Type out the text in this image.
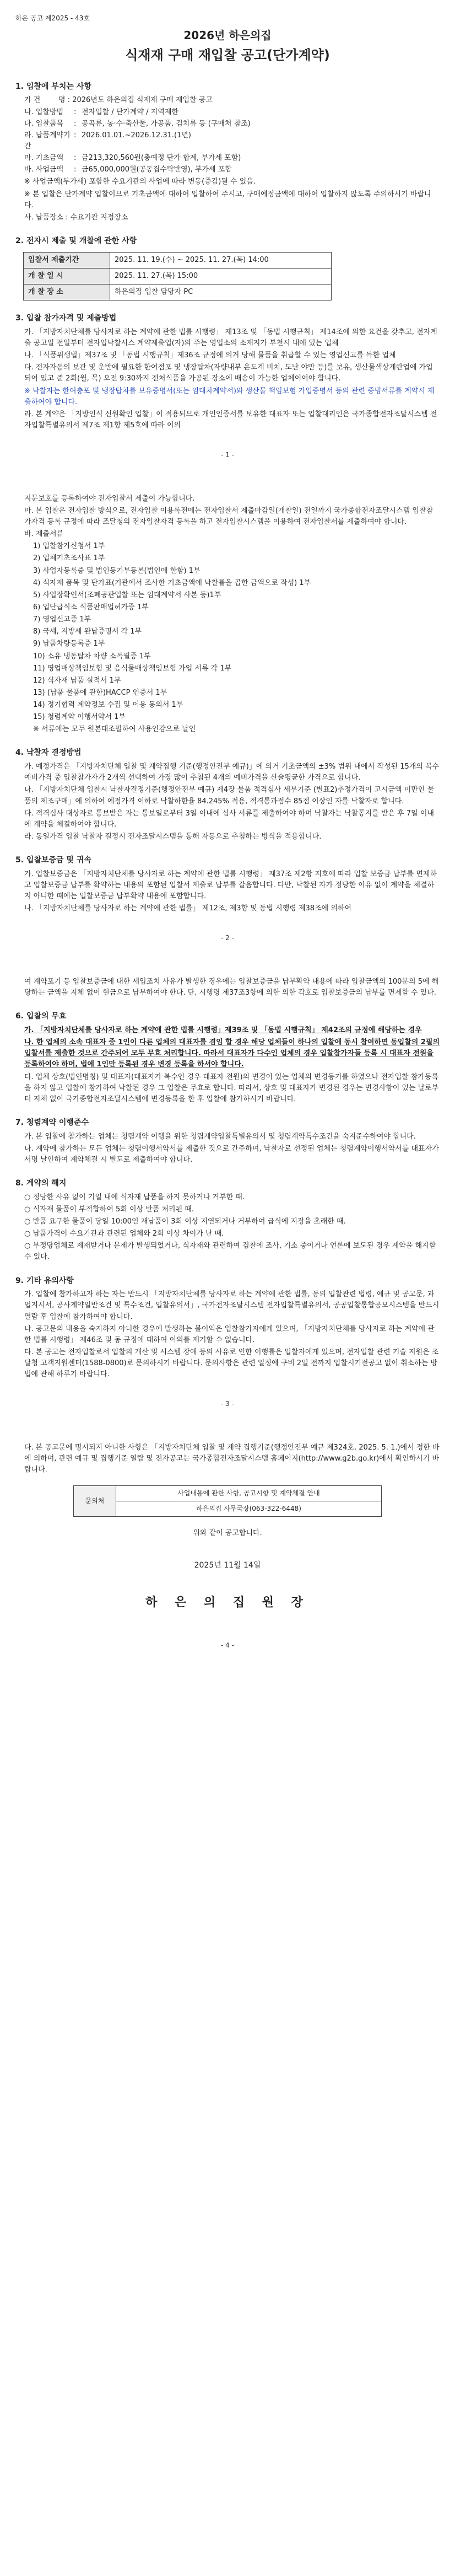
하은 공고 제2025 - 43호
2026년 하은의집
식재재 구매 재입찰 공고(단가계약)
1. 입찰에 부치는 사항
가 건	명 : 2026년도 하은의집 식재재 구매 재입찰 공고
나. 입찰방법	: 전자입찰 / 단가계약 / 지역제한
다. 입찰품목	: 공곡류, 농·수·축산물, 가공품, 김치류 등 (구매처 참조)
라. 납품계약기간
: 2026.01.01.~2026.12.31.(1년)
마. 기초금액	: 금213,320,560원(총예정 단가 합계, 부가세 포함)
바. 사업금액	: 금65,000,000원(공동집수탁반영), 부가세 포함
※ 사업금액(부가세) 포함한 수요기관의 사업에 따라 변동(증감)될 수 있음.
※ 본 입찰은 단가계약 입찰이므로 기초금액에 대하여 입찰하여 주시고, 구매예정금액에 대하여 입찰하지 않도록 주의하시기 바랍니다.
사. 납품장소 : 수요기관 지정장소
2. 전자시 제출 및 개찰에 관한 사항
입찰서 제출기간	2025. 11. 19.(수) ~ 2025. 11. 27.(목) 14:00
개 찰 일 시	2025. 11. 27.(목) 15:00
개 찰 장 소	하은의집 입찰 담당자 PC
3. 입찰 참가자격 및 제출방법
가. 「지방자치단체를 당사자로 하는 계약에 관한 법률 시행령」 제13조 및 「동법 시행규칙」 제14조에 의한 요건을 갖추고, 전자계출 공고일 전일부터 전자입낙찰시스 계약제출업(자)의 주는 영업소의 소재지가 부천시 내에 있는 업체
나. 「식품위생법」제37조 및 「동법 시행규칙」제36조 규정에 의거 당해 물품을 취급할 수 있는 영업신고를 득한 업체
다. 전자자동의 보관 및 운반에 필요한 한여점포 및 냉장탑차(자량내부 온도계 비치, 도난 야만 등)를 보유, 생산물색상계란업에 가입되어 있고 준 2회(월, 목) 오전 9:30까지 전처식품을 가공된 장소에 배송이 가능한 업체이어야 합니다.
※ 낙찰자는 한여충포 및 냉장탑차를 보유증명서(또는 임대차계약서)와 생산물 책임보험 가입증명서 등의 관련 증빙서류를 계약시 제출하여야 합니다.
라. 본 계약은 「지방인식 신원확인 입찰」이 적용되므로 개인인증서를 보유한 대표자 또는 입찰대리인은 국가종합전자조달시스템 전자입찰특별유의서 제7조 제1항 제5호에 따라 이의
- 1 -
지문보호를 등록하여야 전자입찰서 제출이 가능합니다.
마. 본 입찰은 전자입찰 방식으로, 전자입찰 이용록전에는 전자입찰서 제출마감일(개찰일) 전일까지 국가종합전자조달시스템 입찰참가자격 등록 규정에 따라 조달청의 전자입찰자격 등록을 하고 전자입찰시스템을 이용하여 전자입찰서를 제출하여야 합니다.
바. 제출서류
1) 입찰참가신청서 1부
2) 업체기초조사표 1부
3) 사업자등록증 및 법인등기부등본(법인에 한함) 1부
4) 식자재 품목 및 단가표(기관에서 조사한 기초금액에 낙찰률을 곱한 금액으로 작성) 1부
5) 사업장확인서(조폐공판입찰 또는 임대계약서 사본 등)1부
6) 업단급식소 식품판매업허가증 1부
7) 영업신고증 1부
8) 국세, 지방세 완납증명서 각 1부
9) 납품차량등록증 1부
10) 소유 냉동탑차 차량 소독필증 1부
11) 영업배상책임보험 및 음식물배상책임보험 가입 서류 각 1부
12) 식자재 납품 실적서 1부
13) (납품 물품에 관한)HACCP 인증서 1부
14) 정기협력 계약정보 수집 및 이용 동의서 1부
15) 청렴계약 이행서약서 1부
※ 서류에는 모두 원본대조필하여 사용인감으로 날인
4. 낙찰자 결정방법
가. 예정가격은 「지방자치단체 입찰 및 계약집행 기준(행정안전부 예규)」에 의거 기초금액의 ±3% 범위 내에서 작성된 15개의 복수예비가격 중 입찰참가자가 2개씩 선택하여 가장 많이 추첨된 4개의 예비가격을 산술평균한 가격으로 합니다.
나. 「지방자치단체 입찰시 낙찰자결정기준(행정안전부 예규) 제4장 물품 적격심사 세부기준 (별표2)추정가격이 고시금액 미만인 물품의 제조구매」에 의하여 예정가격 이하로 낙찰하한율 84.245% 적용, 적격통과점수 85점 이상인 자를 낙찰자로 합니다.
다. 적격심사 대상자로 통보받은 자는 통보일로부터 3일 이내에 심사 서류를 제출하여야 하며 낙찰자는 낙찰통지를 받은 후 7일 이내에 계약을 체결하여야 합니다.
라. 동일가격 입찰 낙찰자 결정시 전자조달시스템을 통해 자동으로 추첨하는 방식을 적용합니다.
5. 입찰보증금 및 귀속
가. 입찰보증금은 「지방자치단체를 당사자로 하는 계약에 관한 법률 시행령」 제37조 제2항 지호에 따라 입찰 보증금 납부를 면제하고 입찰보증금 납부를 확약하는 내용의 포함된 입찰서 제출로 납부를 갈음합니다. 다만, 낙찰된 자가 정당한 이유 없이 계약을 체결하지 아니한 때에는 입찰보증금 납부확약 내용에 포함합니다.
나. 「지방자치단체를 당사자로 하는 계약에 관한 법률」 제12조, 제3항 및 동법 시행령 제38조에 의하여
- 2 -
여 계약포기 등 입찰보증금에 대한 세입조치 사유가 발생한 경우에는 입찰보증금을 납부확약 내용에 따라 입찰금액의 100분의 5에 해당하는 금액을 지체 없이 현금으로 납부하여야 한다. 단, 시행령 제37조3항에 의한 의한 각호로 입찰보증금의 납부를 면제할 수 있다.
6. 입찰의 무효
가. 「지방자치단체를 당사자로 하는 계약에 관한 법률 시행령」제39조 및 「동법 시행규칙」 제42조의 규정에 해당하는 경우
나. 한 업체의 소속 대표자 중 1인이 다른 업체의 대표자를 겸임 할 경우 해당 업체들이 하나의 입찰에 동시 참여하면 동입찰의 2필의 입찰서를 제출한 것으로 간주되어 모두 무효 처리합니다. 따라서 대표자가 다수인 업체의 경우 입찰참가자들 등록 시 대표자 전원을 등록하여야 하며, 법에 1인만 등록된 경우 변경 등록을 하셔야 합니다.
다. 업체 상호(법인명칭) 및 대표자(대표자가 복수인 경우 대표자 전원)의 변경이 있는 업체의 변경등기를 하였으나 전자입찰 참가등록을 하지 않고 입찰에 참가하여 낙찰된 경우 그 입찰은 무효로 합니다. 따라서, 상호 및 대표자가 변경된 경우는 변경사항이 있는 날로부터 지체 없이 국가종합전자조달시스템에 변경등록을 한 후 입찰에 참가하시기 바랍니다.
7. 청렴계약 이행준수
가. 본 입찰에 참가하는 업체는 청렴계약 이행을 위한 청렴계약입찰특별유의서 및 청렴계약특수조건을 숙지준수하여야 합니다.
나. 계약에 참가하는 모든 업체는 청렴이행서약서를 제출한 것으로 간주하며, 낙찰자로 선정된 업체는 청렴계약이행서약서를 대표자가 서명 날인하여 계약체결 시 별도로 제출하여야 합니다.
8. 계약의 해지
○ 정당한 사유 없이 기일 내에 식자재 납품을 하지 못하거나 거부한 때.
○ 식자재 물품이 부적합하여 5회 이상 반품 처리된 때.
○ 반품 요구한 물품이 당일 10:00인 재납품이 3회 이상 지연되거나 거부하여 급식에 지장을 초래한 때.
○ 납품가격이 수요기관과 관련된 업체와 2회 이상 차이가 난 때.
○ 부정당업체로 제재받거나 문제가 발생되었거나, 식자재와 관련하여 검찰에 조사, 기소 중이거나 언론에 보도된 경우 계약을 해지할 수 있다.
9. 기타 유의사항
가. 입찰에 참가하고자 하는 자는 반드시 「지방자치단체를 당사자로 하는 계약에 관한 법률, 동의 입찰관련 법령, 예규 및 공고문, 과업지시서, 공사계약일반조건 및 특수조건, 입찰유의서」, 국가전자조달시스템 전자입찰특별유의서, 공공입찰통합공모시스템을 반드시 열람 후 입찰에 참가하여야 합니다.
나. 공고문의 내용을 숙지하지 아니한 경우에 발생하는 불이익은 입찰참가자에게 있으며, 「지방자치단체를 당사자로 하는 계약에 관한 법률 시행령」 제46조 및 동 규정에 대하여 이의를 제기할 수 없습니다.
다. 본 공고는 전자입찰로서 입찰의 개산 및 시스템 장애 등의 사유로 인한 이행률은 입찰자에게 있으며, 전자입찰 관련 기술 지원은 조달청 고객지원센터(1588-0800)로 문의하시기 바랍니다. 문의사항은 관련 일정에 구비 2일 전까지 입찰시기전공고 없이 취소하는 방법에 관해 하루기 바랍니다.
- 3 -
다. 본 공고문에 명시되지 아니한 사항은 「지방자치단체 입찰 및 계약 집행기준(행정안전부 예규 제324호, 2025. 5. 1.)에서 정한 바에 의하며, 관련 예규 및 집행기준 열람 및 전자공고는 국가종합전자조달시스템 홈페이지(http://www.g2b.go.kr)에서 확인하시기 바랍니다.
문의처	사업내용에 관한 사항, 공고시항 및 계약체결 안내
하은의집 사무국장(063-322-6448)
위와 같이 공고합니다.
2025년 11월 14일
하 은 의 집 원 장
- 4 -
